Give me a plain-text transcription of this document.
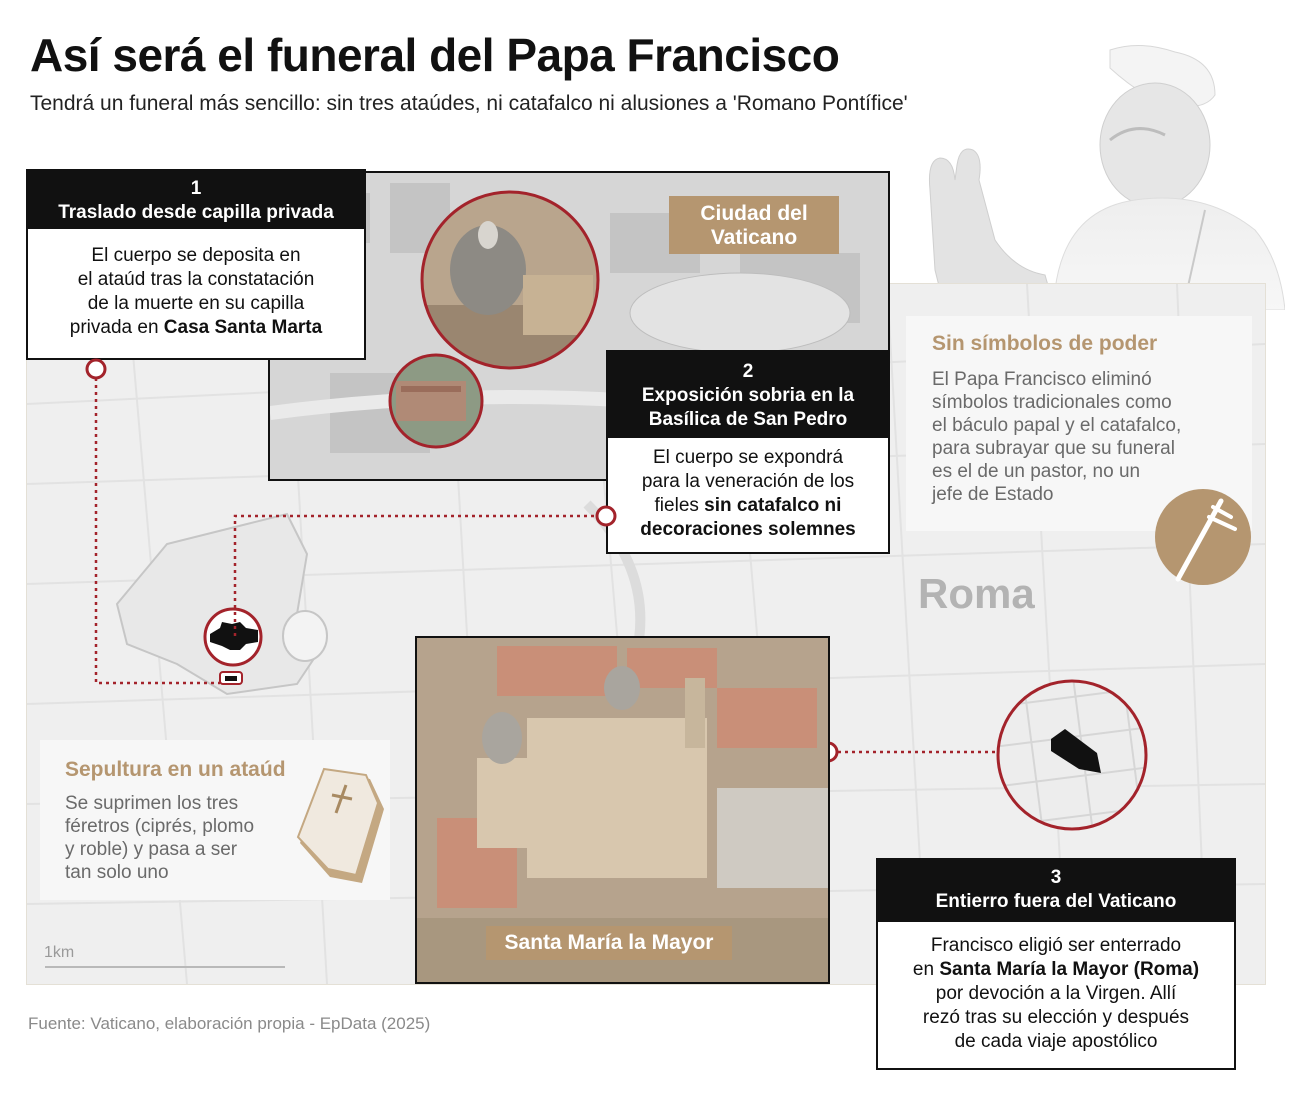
Así será el funeral del Papa Francisco
Tendrá un funeral más sencillo: sin tres ataúdes, ni catafalco ni alusiones a 'Romano Pontífice'
Ciudad del
Vaticano
1
Traslado desde capilla privada
El cuerpo se deposita en
el ataúd tras la constatación
de la muerte en su capilla
privada en Casa Santa Marta
2
Exposición sobria en la
Basílica de San Pedro
El cuerpo se expondrá
para la veneración de los
fieles sin catafalco ni
decoraciones solemnes
Sin símbolos de poder
El Papa Francisco eliminó
símbolos tradicionales como
el báculo papal y el catafalco,
para subrayar que su funeral
es el de un pastor, no un
jefe de Estado
Roma
Sepultura en un ataúd
Se suprimen los tres
féretros (ciprés, plomo
y roble) y pasa a ser
tan solo uno
Santa María la Mayor
3
Entierro fuera del Vaticano
Francisco eligió ser enterrado
en Santa María la Mayor (Roma)
por devoción a la Virgen. Allí
rezó tras su elección y después
de cada viaje apostólico
1km
Fuente: Vaticano, elaboración propia - EpData (2025)
